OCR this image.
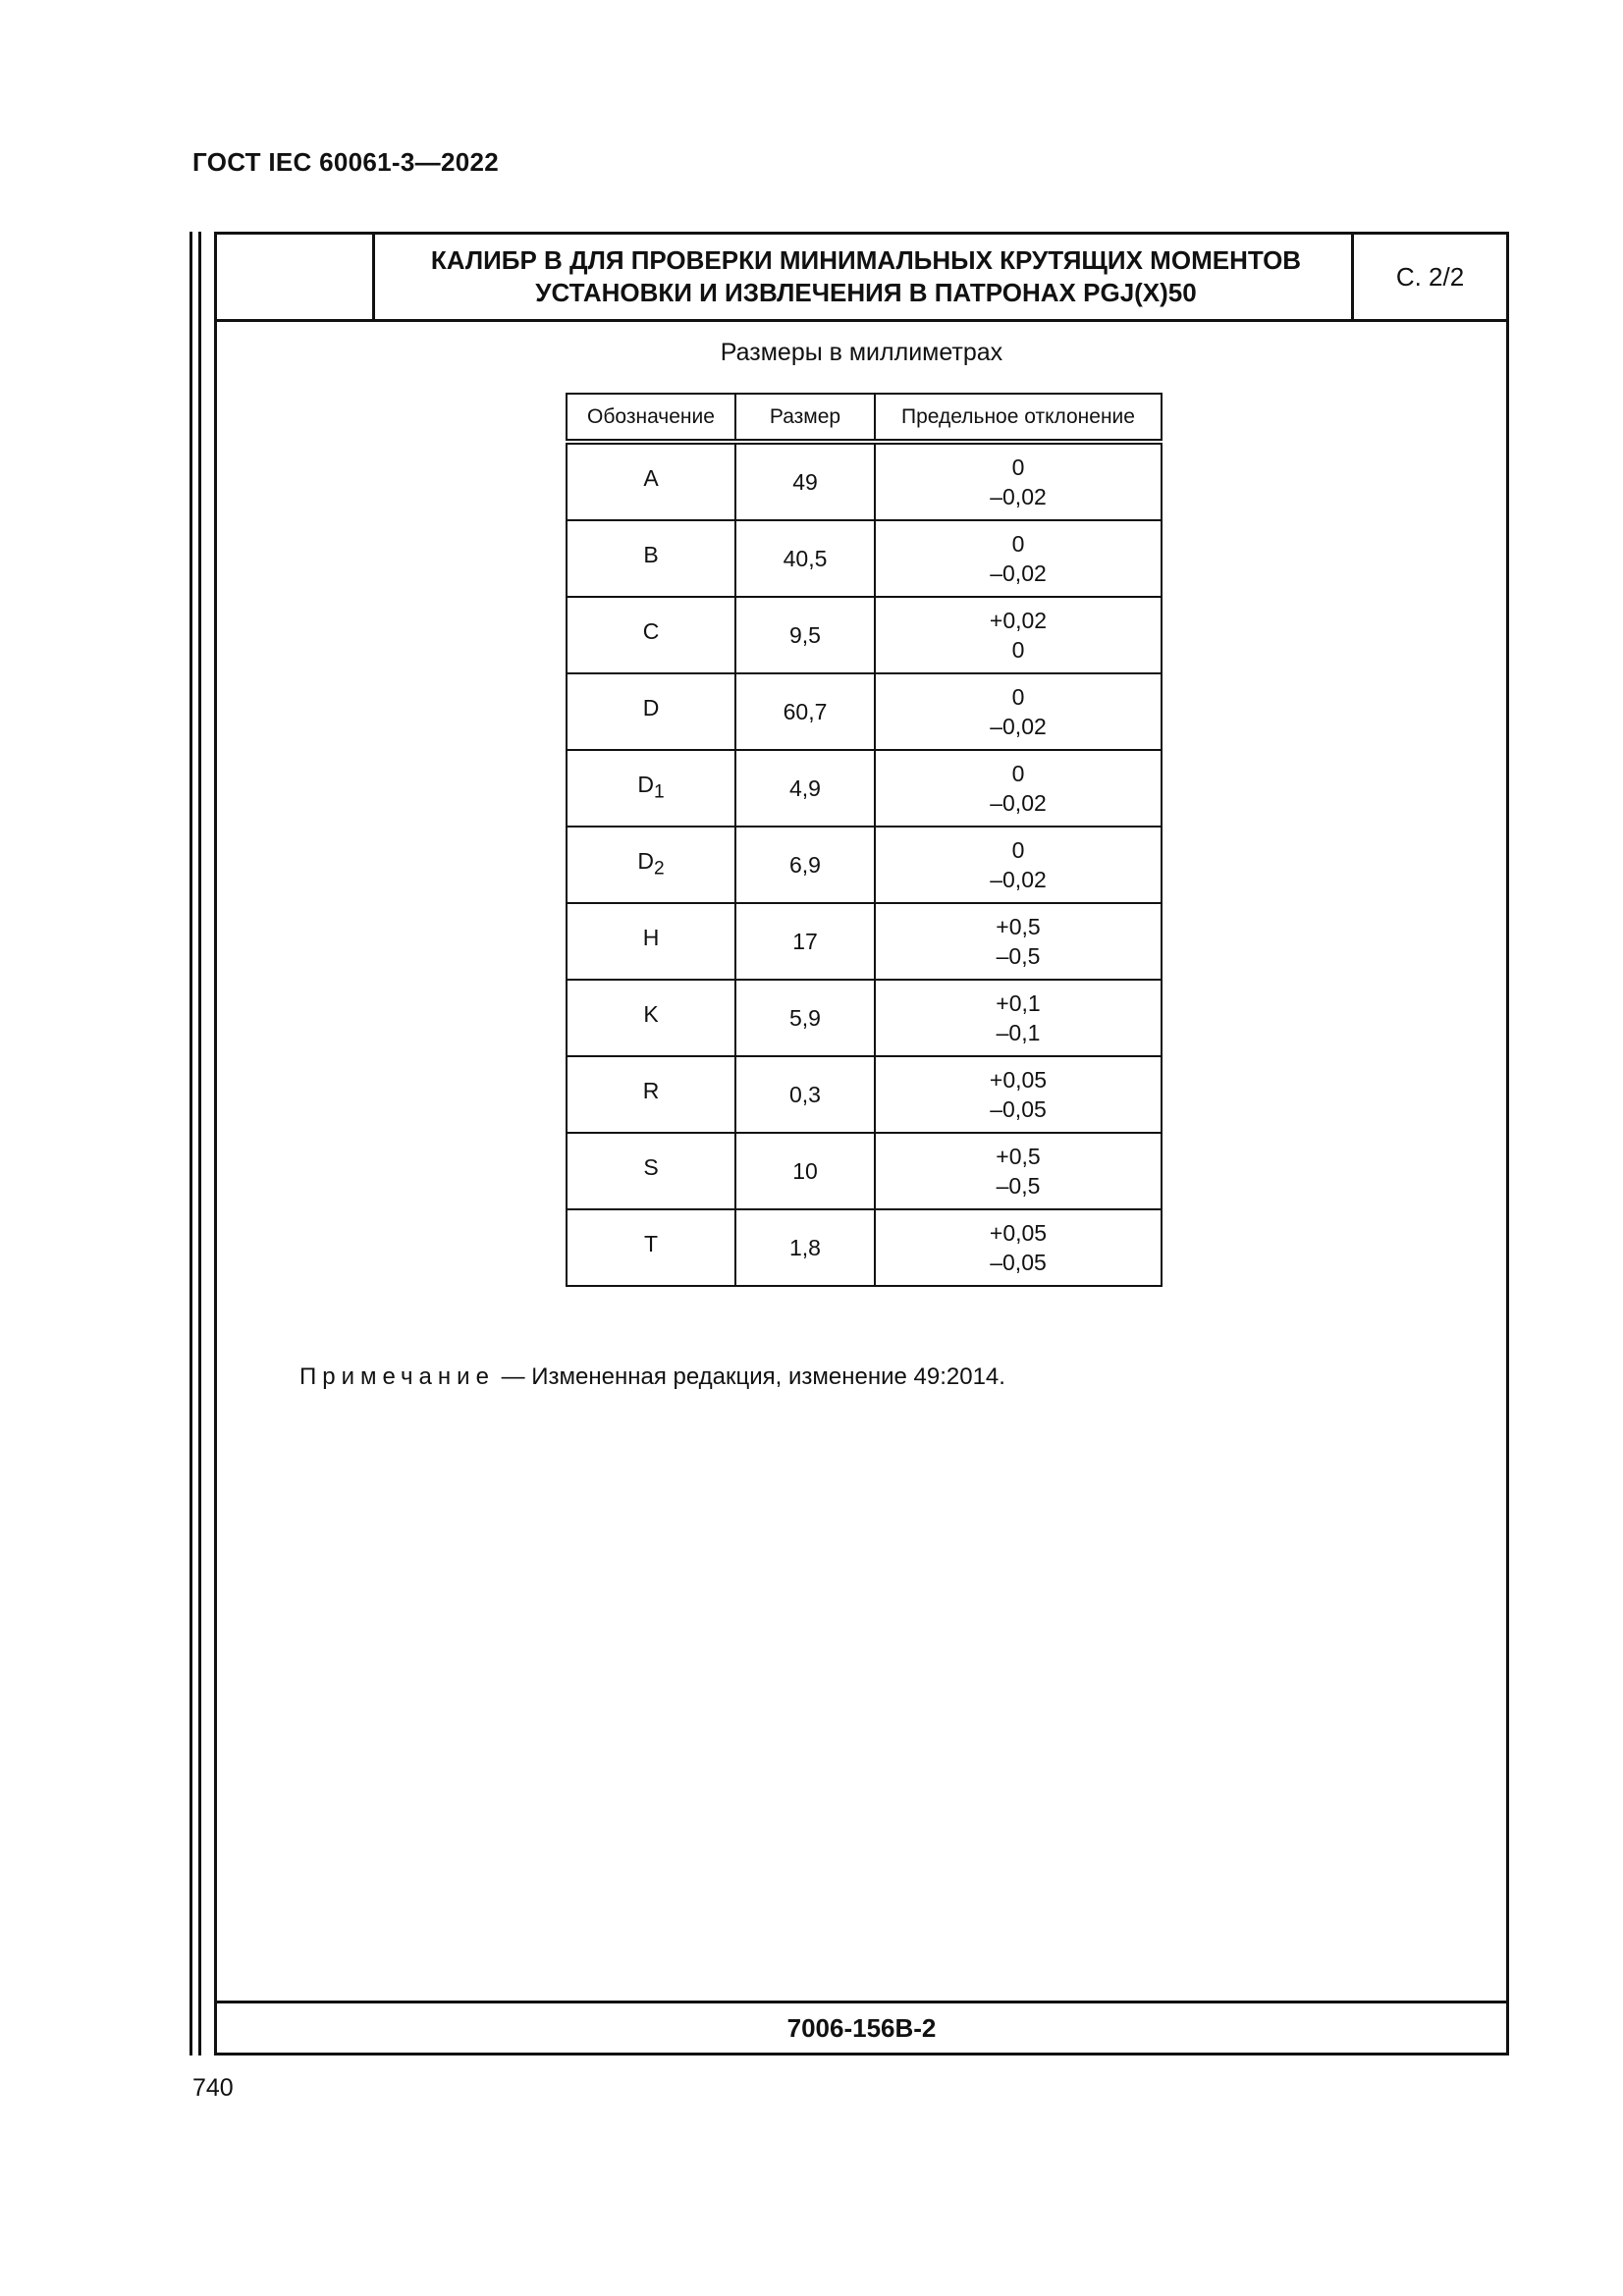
ГОСТ IEC 60061-3—2022
КАЛИБР В ДЛЯ ПРОВЕРКИ МИНИМАЛЬНЫХ КРУТЯЩИХ МОМЕНТОВ
УСТАНОВКИ И ИЗВЛЕЧЕНИЯ В ПАТРОНАХ PGJ(X)50
С. 2/2
Размеры в миллиметрах
Обозначение	Размер	Предельное отклонение
A	49	0
–0,02

B	40,5	0
–0,02

C	9,5	+0,02
0

D	60,7	0
–0,02

$D_1$	4,9	0
–0,02

$D_2$	6,9	0
–0,02

H	17	+0,5
–0,5

K	5,9	+0,1
–0,1

R	0,3	+0,05
–0,05

S	10	+0,5
–0,5

T	1,8	+0,05
–0,05
Примечание — Измененная редакция, изменение 49:2014.
7006-156B-2
740
